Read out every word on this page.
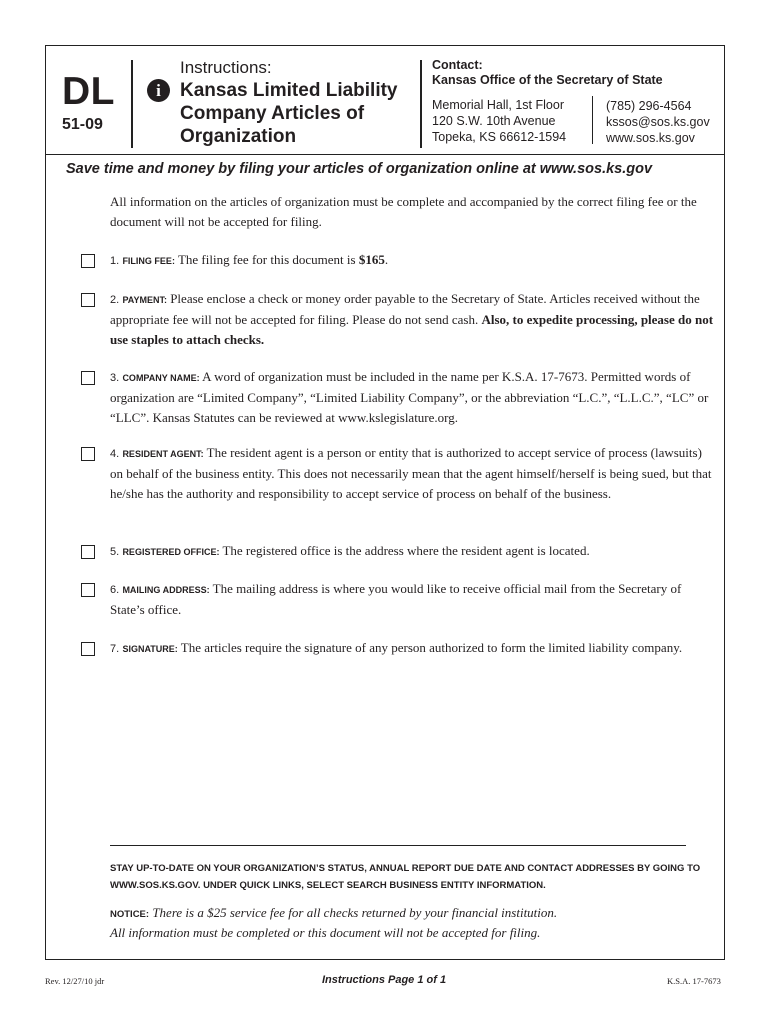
DL
51-09
i
Instructions:
Kansas Limited Liability Company Articles of Organization
Contact:
Kansas Office of the Secretary of State
Memorial Hall, 1st Floor
120 S.W. 10th Avenue
Topeka, KS 66612-1594
(785) 296-4564
kssos@sos.ks.gov
www.sos.ks.gov
Save time and money by filing your articles of organization online at www.sos.ks.gov
All information on the articles of organization must be complete and accompanied by the correct filing fee or the document will not be accepted for filing.
1. FILING FEE: The filing fee for this document is $165.
2. PAYMENT: Please enclose a check or money order payable to the Secretary of State. Articles received without the appropriate fee will not be accepted for filing. Please do not send cash. Also, to expedite processing, please do not use staples to attach checks.
3. COMPANY NAME: A word of organization must be included in the name per K.S.A. 17-7673. Permitted words of organization are “Limited Company”, “Limited Liability Company”, or the abbreviation “L.C.”, “L.L.C.”, “LC” or “LLC”. Kansas Statutes can be reviewed at www.kslegislature.org.
4. RESIDENT AGENT: The resident agent is a person or entity that is authorized to accept service of process (lawsuits) on behalf of the business entity. This does not necessarily mean that the agent himself/herself is being sued, but that he/she has the authority and responsibility to accept service of process on behalf of the business.
5. REGISTERED OFFICE: The registered office is the address where the resident agent is located.
6. MAILING ADDRESS: The mailing address is where you would like to receive official mail from the Secretary of State’s office.
7. SIGNATURE: The articles require the signature of any person authorized to form the limited liability company.
STAY UP-TO-DATE ON YOUR ORGANIZATION’S STATUS, ANNUAL REPORT DUE DATE AND CONTACT ADDRESSES BY GOING TO WWW.SOS.KS.GOV. UNDER QUICK LINKS, SELECT SEARCH BUSINESS ENTITY INFORMATION.
NOTICE: There is a $25 service fee for all checks returned by your financial institution.
All information must be completed or this document will not be accepted for filing.
Rev. 12/27/10 jdr	Instructions Page 1 of 1	K.S.A. 17-7673
